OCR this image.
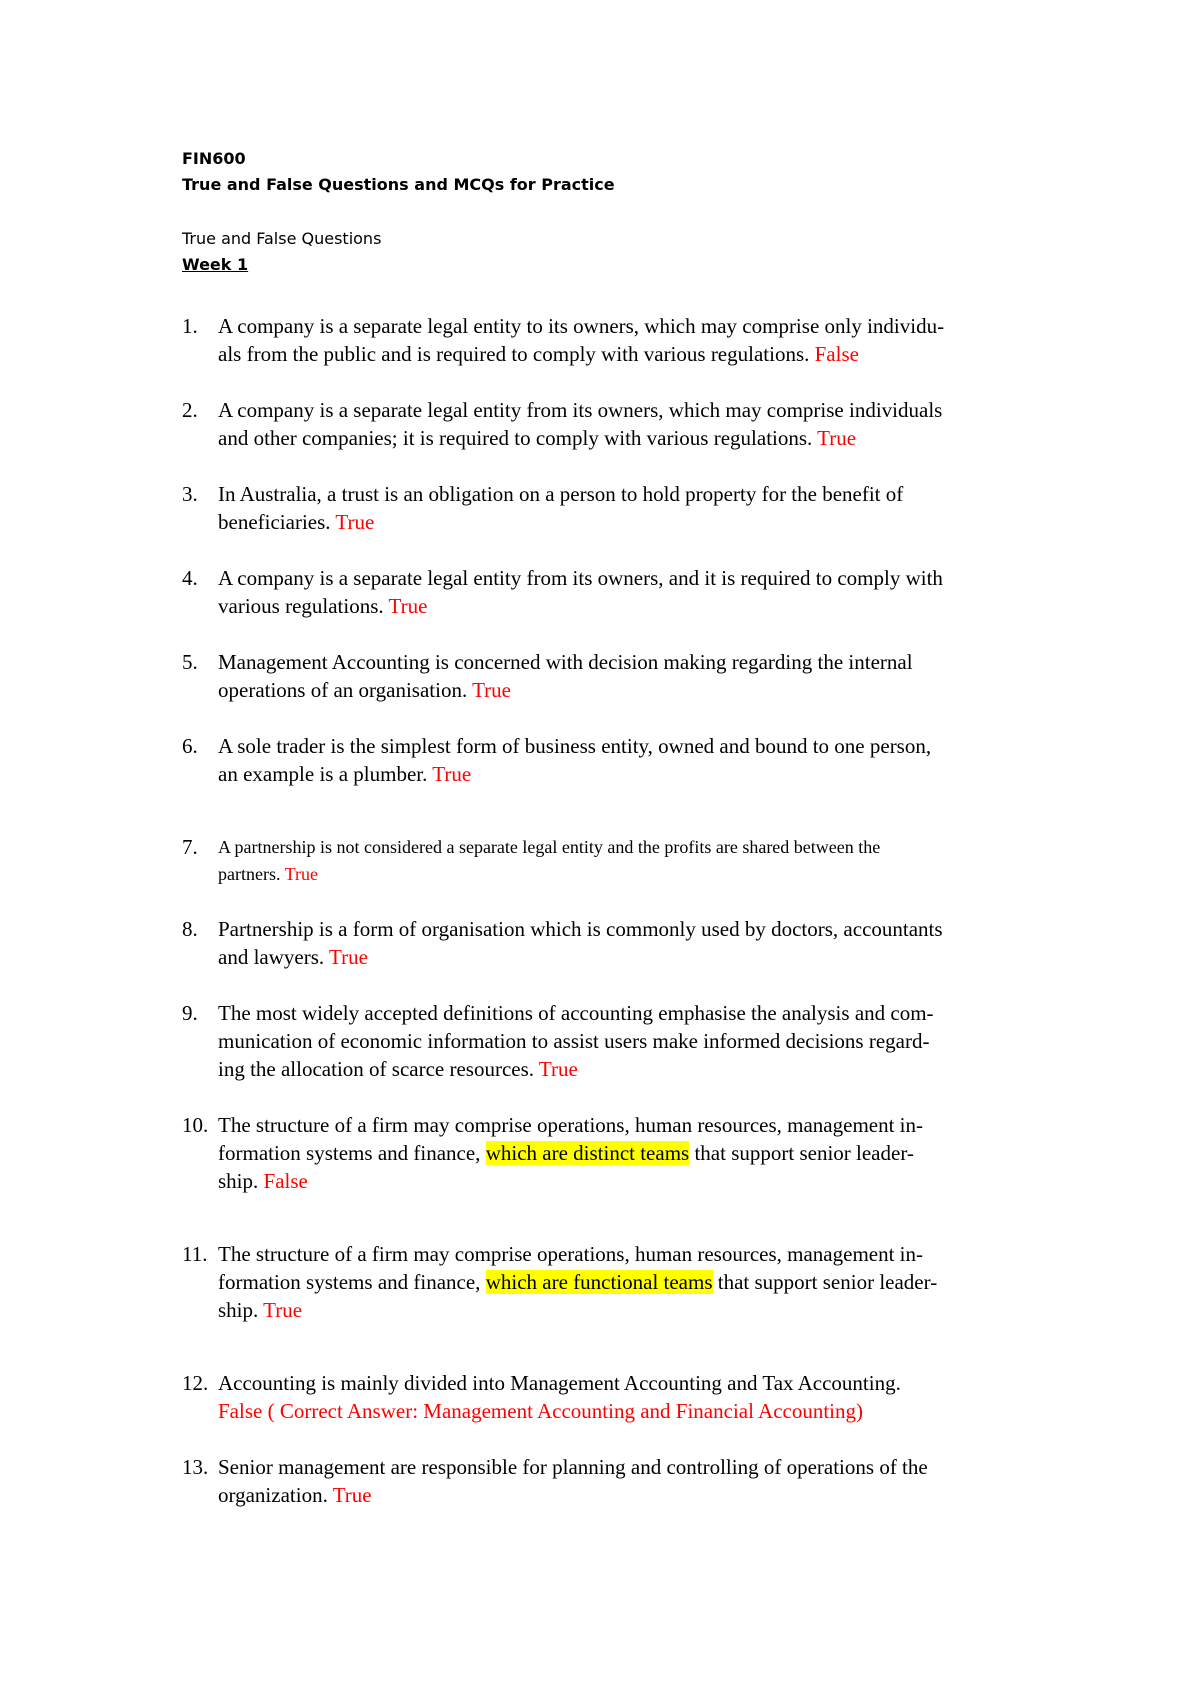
FIN600
True and False Questions and MCQs for Practice
True and False Questions
Week 1
1. A company is a separate legal entity to its owners, which may comprise only individu-
als from the public and is required to comply with various regulations. False
2. A company is a separate legal entity from its owners, which may comprise individuals
and other companies; it is required to comply with various regulations. True
3. In Australia, a trust is an obligation on a person to hold property for the benefit of
beneficiaries. True
4. A company is a separate legal entity from its owners, and it is required to comply with
various regulations. True
5. Management Accounting is concerned with decision making regarding the internal
operations of an organisation. True
6. A sole trader is the simplest form of business entity, owned and bound to one person,
an example is a plumber. True
7.	A partnership is not considered a separate legal entity and the profits are shared between the
partners. True
8. Partnership is a form of organisation which is commonly used by doctors, accountants
and lawyers. True
9. The most widely accepted definitions of accounting emphasise the analysis and com-
munication of economic information to assist users make informed decisions regard-
ing the allocation of scarce resources. True
10. The structure of a firm may comprise operations, human resources, management in-
formation systems and finance, which are distinct teams that support senior leader-
ship. False
11. The structure of a firm may comprise operations, human resources, management in-
formation systems and finance, which are functional teams that support senior leader-
ship. True
12. Accounting is mainly divided into Management Accounting and Tax Accounting.
False ( Correct Answer: Management Accounting and Financial Accounting)
13. Senior management are responsible for planning and controlling of operations of the
organization. True
